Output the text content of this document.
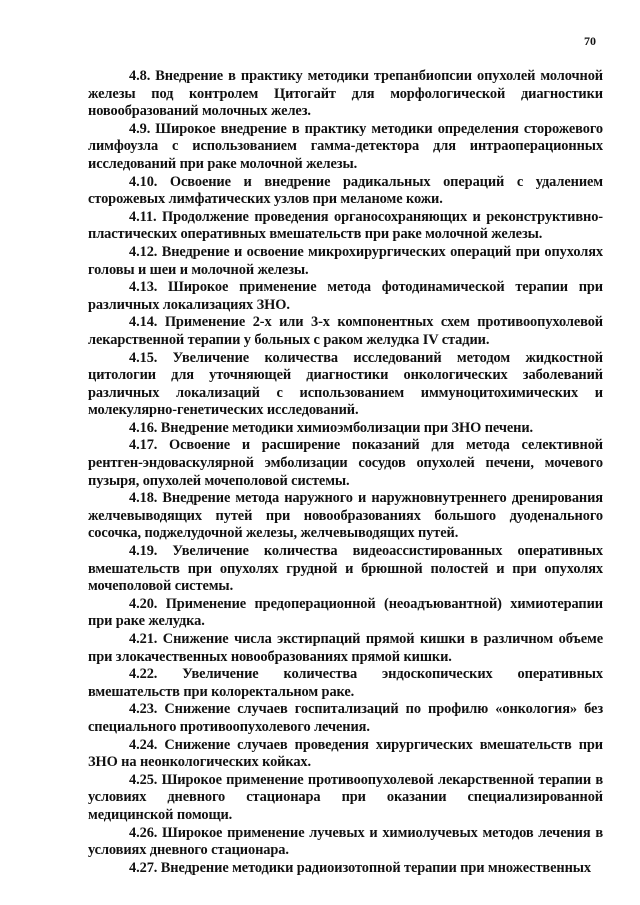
70

4.8. Внедрение в практику методики трепанбиопсии опухолей молочной железы под контролем Цитогайт для морфологической диагностики новообразований молочных желез.

4.9. Широкое внедрение в практику методики определения сторожевого лимфоузла с использованием гамма-детектора для интраоперационных исследований при раке молочной железы.

4.10. Освоение и внедрение радикальных операций с удалением сторожевых лимфатических узлов при меланоме кожи.

4.11. Продолжение проведения органосохраняющих и реконструктивно-пластических оперативных вмешательств при раке молочной железы.

4.12. Внедрение и освоение микрохирургических операций при опухолях головы и шеи и молочной железы.

4.13. Широкое применение метода фотодинамической терапии при различных локализациях ЗНО.

4.14. Применение 2-х или 3-х компонентных схем противоопухолевой лекарственной терапии у больных с раком желудка IV стадии.

4.15. Увеличение количества исследований методом жидкостной цитологии для уточняющей диагностики онкологических заболеваний различных локализаций с использованием иммуноцитохимических и молекулярно-генетических исследований.

4.16. Внедрение методики химиоэмболизации при ЗНО печени.

4.17. Освоение и расширение показаний для метода селективной рентген-эндоваскулярной эмболизации сосудов опухолей печени, мочевого пузыря, опухолей мочеполовой системы.

4.18. Внедрение метода наружного и наружновнутреннего дренирования желчевыводящих путей при новообразованиях большого дуоденального сосочка, поджелудочной железы, желчевыводящих путей.

4.19. Увеличение количества видеоассистированных оперативных вмешательств при опухолях грудной и брюшной полостей и при опухолях мочеполовой системы.

4.20. Применение предоперационной (неоадъювантной) химиотерапии при раке желудка.

4.21. Снижение числа экстирпаций прямой кишки в различном объеме при злокачественных новообразованиях прямой кишки.

4.22. Увеличение количества эндоскопических оперативных вмешательств при колоректальном раке.

4.23. Снижение случаев госпитализаций по профилю «онкология» без специального противоопухолевого лечения.

4.24. Снижение случаев проведения хирургических вмешательств при ЗНО на неонкологических койках.

4.25. Широкое применение противоопухолевой лекарственной терапии в условиях дневного стационара при оказании специализированной медицинской помощи.

4.26. Широкое применение лучевых и химиолучевых методов лечения в условиях дневного стационара.

4.27. Внедрение методики радиоизотопной терапии при множественных
